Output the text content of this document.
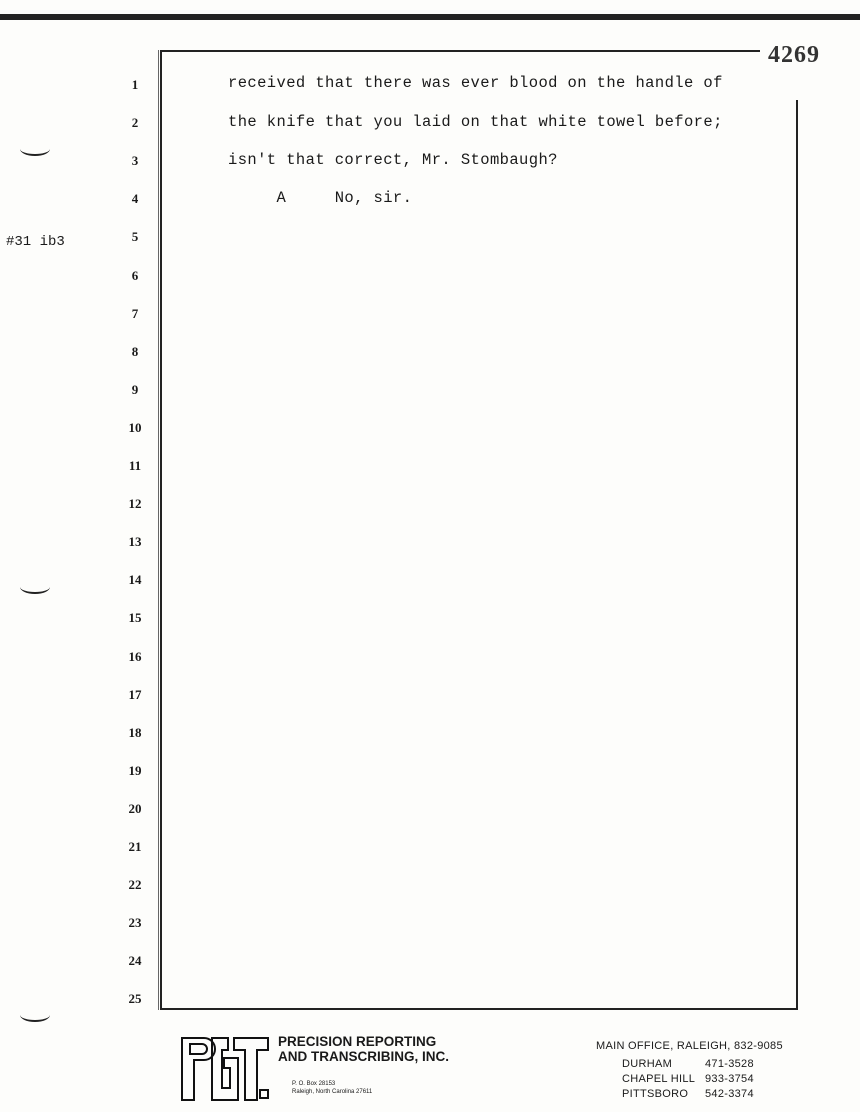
4269
#31 ib3
1
2
3
4
5
6
7
8
9
10
11
12
13
14
15
16
17
18
19
20
21
22
23
24
25
received that there was ever blood on the handle of
the knife that you laid on that white towel before;
isn't that correct, Mr. Stombaugh?
A     No, sir.
PRECISION REPORTING
AND TRANSCRIBING, INC.
P. O. Box 28153
Raleigh, North Carolina 27611
MAIN OFFICE, RALEIGH, 832-9085
DURHAM	471-3528
CHAPEL HILL 933-3754
PITTSBORO 542-3374
